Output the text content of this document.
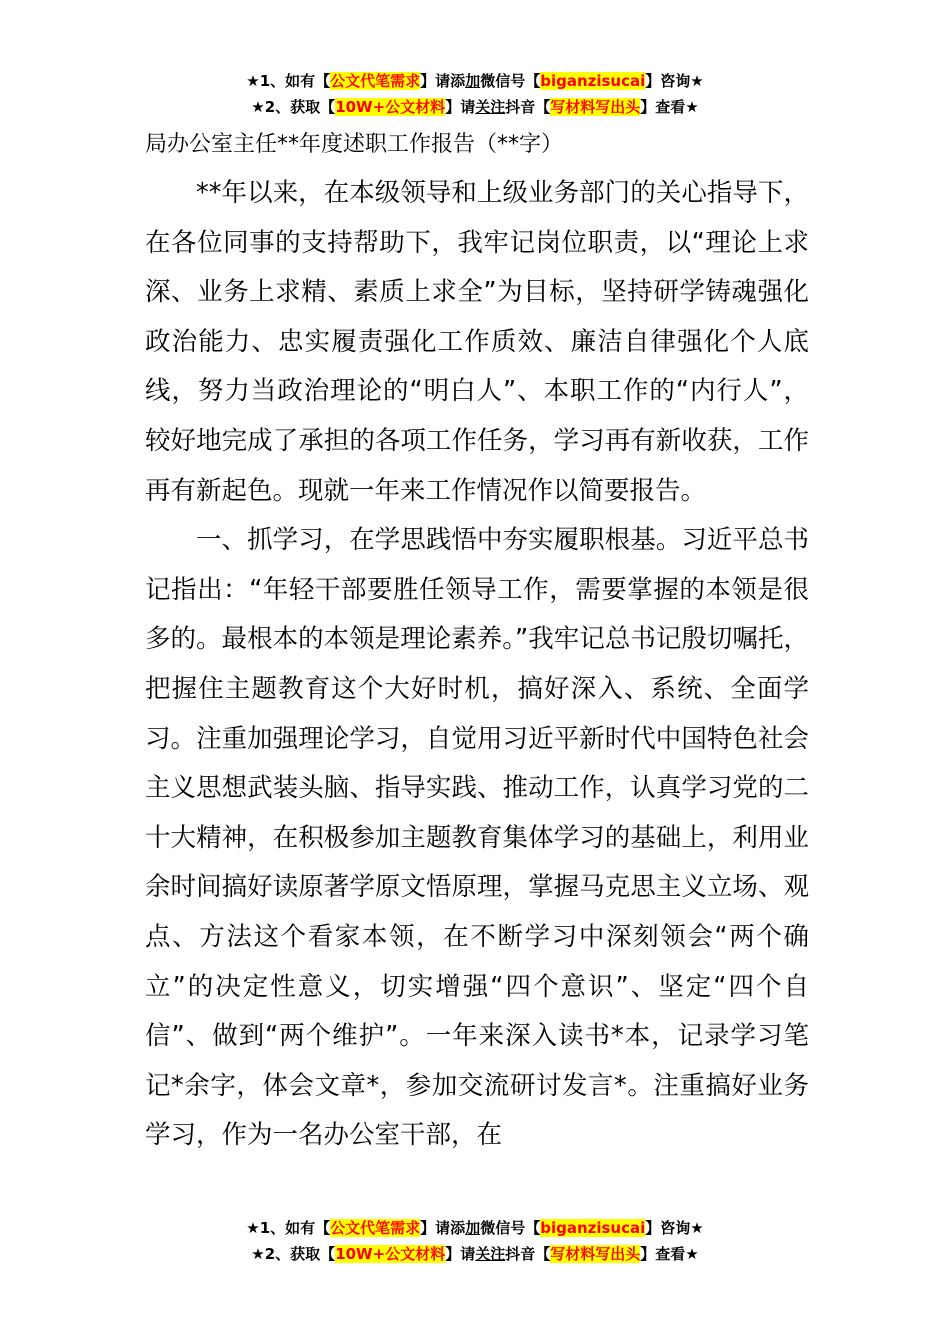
★1、如有【公文代笔需求】请添加微信号【biganzisucai】咨询★
★2、获取【10W+公文材料】请关注抖音【写材料写出头】查看★
局办公室主任**年度述职工作报告（**字）

**年以来，在本级领导和上级业务部门的关心指导下，在各位同事的支持帮助下，我牢记岗位职责，以“理论上求深、业务上求精、素质上求全”为目标，坚持研学铸魂强化政治能力、忠实履责强化工作质效、廉洁自律强化个人底线，努力当政治理论的“明白人”、本职工作的“内行人”，较好地完成了承担的各项工作任务，学习再有新收获，工作再有新起色。现就一年来工作情况作以简要报告。

一、抓学习，在学思践悟中夯实履职根基。习近平总书记指出：“年轻干部要胜任领导工作，需要掌握的本领是很多的。最根本的本领是理论素养。”我牢记总书记殷切嘱托，把握住主题教育这个大好时机，搞好深入、系统、全面学习。注重加强理论学习，自觉用习近平新时代中国特色社会主义思想武装头脑、指导实践、推动工作，认真学习党的二十大精神，在积极参加主题教育集体学习的基础上，利用业余时间搞好读原著学原文悟原理，掌握马克思主义立场、观点、方法这个看家本领，在不断学习中深刻领会“两个确立”的决定性意义，切实增强“四个意识”、坚定“四个自信”、做到“两个维护”。一年来深入读书*本，记录学习笔记*余字，体会文章*，参加交流研讨发言*。注重搞好业务学习，作为一名办公室干部，在

★1、如有【公文代笔需求】请添加微信号【biganzisucai】咨询★
★2、获取【10W+公文材料】请关注抖音【写材料写出头】查看★
